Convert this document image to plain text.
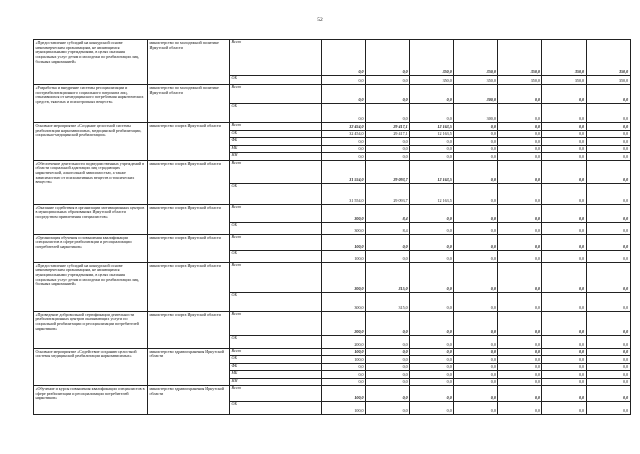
52
«Предоставление субсидий на конкурсной основе некоммерческим организациям, не являющимся муниципальными учреждениями, в целях оказания социальных услуг детям и молодежи по реабилитации лиц, больных наркоманией»	министерство по молодежной политике Иркутской области	Всего	0,0	0,0	350,0	350,0	350,0	350,0	350,0
		ОБ	0,0	0,0	350,0	350,0	350,0	350,0	350,0
«Разработка и внедрение системы ресоциализации и постреабилитационного социального патроната лиц, отказавшихся от немедицинского потребления наркотических средств, тяжелых и психотропных веществ»	министерство по молодежной политике Иркутской области	Всего	0,0	0,0	0,0	300,0	0,0	0,0	0,0
		ОБ	0,0	0,0	0,0	300,0	0,0	0,0	0,0
Основное мероприятие «Создание целостной системы реабилитации наркозависимых, медицинской реабилитации, социально-медицинской реабилитации»	министерство спорта Иркутской области	Всего	32 454,0	29 417,1	12 163,5	0,0	0,0	0,0	0,0
		ОБ	32 454,0	29 417,1	12 163,5	0,0	0,0	0,0	0,0
		ФБ	0,0	0,0	0,0	0,0	0,0	0,0	0,0
		МБ	0,0	0,0	0,0	0,0	0,0	0,0	0,0
		ИИ	0,0	0,0	0,0	0,0	0,0	0,0	0,0
«Обеспечение деятельности подведомственных учреждений в области социальной адаптации лиц страдающих наркотической, алкогольной зависимостью, а также зависимостью от психоактивных веществ и токсических веществ»	министерство спорта Иркутской области	Всего	31 554,0	29 093,7	12 163,5	0,0	0,0	0,0	0,0
		ОБ	31 554,0	29 093,7	12 163,5	0,0	0,0	0,0	0,0
«Оказание содействия в организации мотивационных центров в муниципальных образованиях Иркутской области посредством привлечения специалистов»	министерство спорта Иркутской области	Всего	300,0	8,4	0,0	0,0	0,0	0,0	0,0
		ОБ	300,0	8,4	0,0	0,0	0,0	0,0	0,0
«Организация обучения и повышения квалификации специалистов в сфере реабилитации и ресоциализации потребителей наркотиков»	министерство спорта Иркутской области	Всего	100,0	0,0	0,0	0,0	0,0	0,0	0,0
		ОБ	100,0	0,0	0,0	0,0	0,0	0,0	0,0
«Предоставление субсидий на конкурсной основе некоммерческим организациям, не являющимся муниципальными учреждениями, в целях оказания социальных услуг детям и молодежи по реабилитации лиц, больных наркоманией»	министерство спорта Иркутской области	Всего	300,0	315,0	0,0	0,0	0,0	0,0	0,0
		ОБ	300,0	315,0	0,0	0,0	0,0	0,0	0,0
«Проведение добровольной сертификации деятельности реабилитационных центров оказывающих услуги по социальной реабилитации и ресоциализации потребителей наркотиков»	министерство спорта Иркутской области	Всего	200,0	0,0	0,0	0,0	0,0	0,0	0,0
		ОБ	200,0	0,0	0,0	0,0	0,0	0,0	0,0
Основное мероприятие «Содействие созданию целостной системы медицинской реабилитации наркозависимых»	министерство здравоохранения Иркутской области	Всего	100,0	0,0	0,0	0,0	0,0	0,0	0,0
		ОБ	100,0	0,0	0,0	0,0	0,0	0,0	0,0
		ФБ	0,0	0,0	0,0	0,0	0,0	0,0	0,0
		МБ	0,0	0,0	0,0	0,0	0,0	0,0	0,0
		ИИ	0,0	0,0	0,0	0,0	0,0	0,0	0,0
«Обучение и курсы повышения квалификации специалистов в сфере реабилитации и ресоциализации потребителей наркотиков»	министерство здравоохранения Иркутской области	Всего	100,0	0,0	0,0	0,0	0,0	0,0	0,0
		ОБ	100,0	0,0	0,0	0,0	0,0	0,0	0,0
